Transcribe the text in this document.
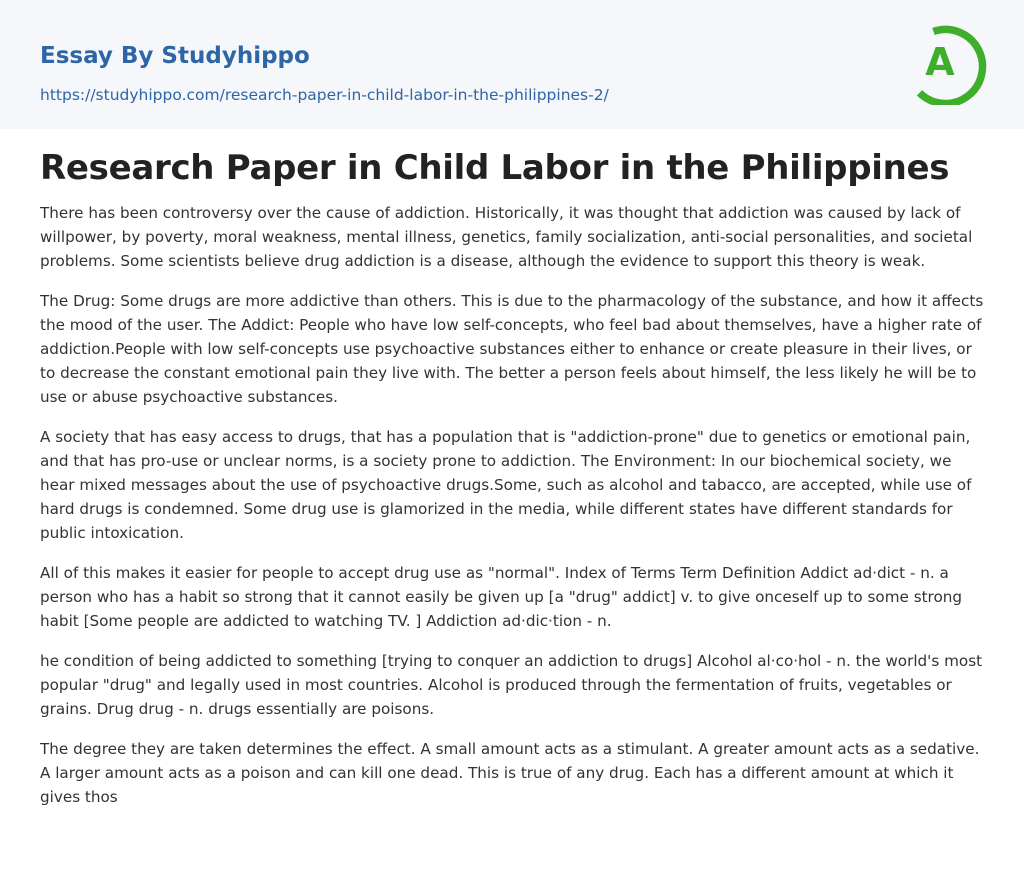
Essay By Studyhippo
https://studyhippo.com/research-paper-in-child-labor-in-the-philippines-2/
A
Research Paper in Child Labor in the Philippines

There has been controversy over the cause of addiction. Historically, it was thought that addiction was caused by lack of willpower, by poverty, moral weakness, mental illness, genetics, family socialization, anti-social personalities, and societal problems. Some scientists believe drug addiction is a disease, although the evidence to support this theory is weak.

The Drug: Some drugs are more addictive than others. This is due to the pharmacology of the substance, and how it affects the mood of the user. The Addict: People who have low self-concepts, who feel bad about themselves, have a higher rate of addiction.People with low self-concepts use psychoactive substances either to enhance or create pleasure in their lives, or to decrease the constant emotional pain they live with. The better a person feels about himself, the less likely he will be to use or abuse psychoactive substances.

A society that has easy access to drugs, that has a population that is "addiction-prone" due to genetics or emotional pain, and that has pro-use or unclear norms, is a society prone to addiction. The Environment: In our biochemical society, we hear mixed messages about the use of psychoactive drugs.Some, such as alcohol and tabacco, are accepted, while use of hard drugs is condemned. Some drug use is glamorized in the media, while different states have different standards for public intoxication.

All of this makes it easier for people to accept drug use as "normal". Index of Terms Term Definition Addict ad·dict - n. a person who has a habit so strong that it cannot easily be given up [a "drug" addict] v. to give onceself up to some strong habit [Some people are addicted to watching TV. ] Addiction ad·dic·tion - n.

he condition of being addicted to something [trying to conquer an addiction to drugs] Alcohol al·co·hol - n. the world's most popular "drug" and legally used in most countries. Alcohol is produced through the fermentation of fruits, vegetables or grains. Drug drug - n. drugs essentially are poisons.

The degree they are taken determines the effect. A small amount acts as a stimulant. A greater amount acts as a sedative. A larger amount acts as a poison and can kill one dead. This is true of any drug. Each has a different amount at which it gives thos
